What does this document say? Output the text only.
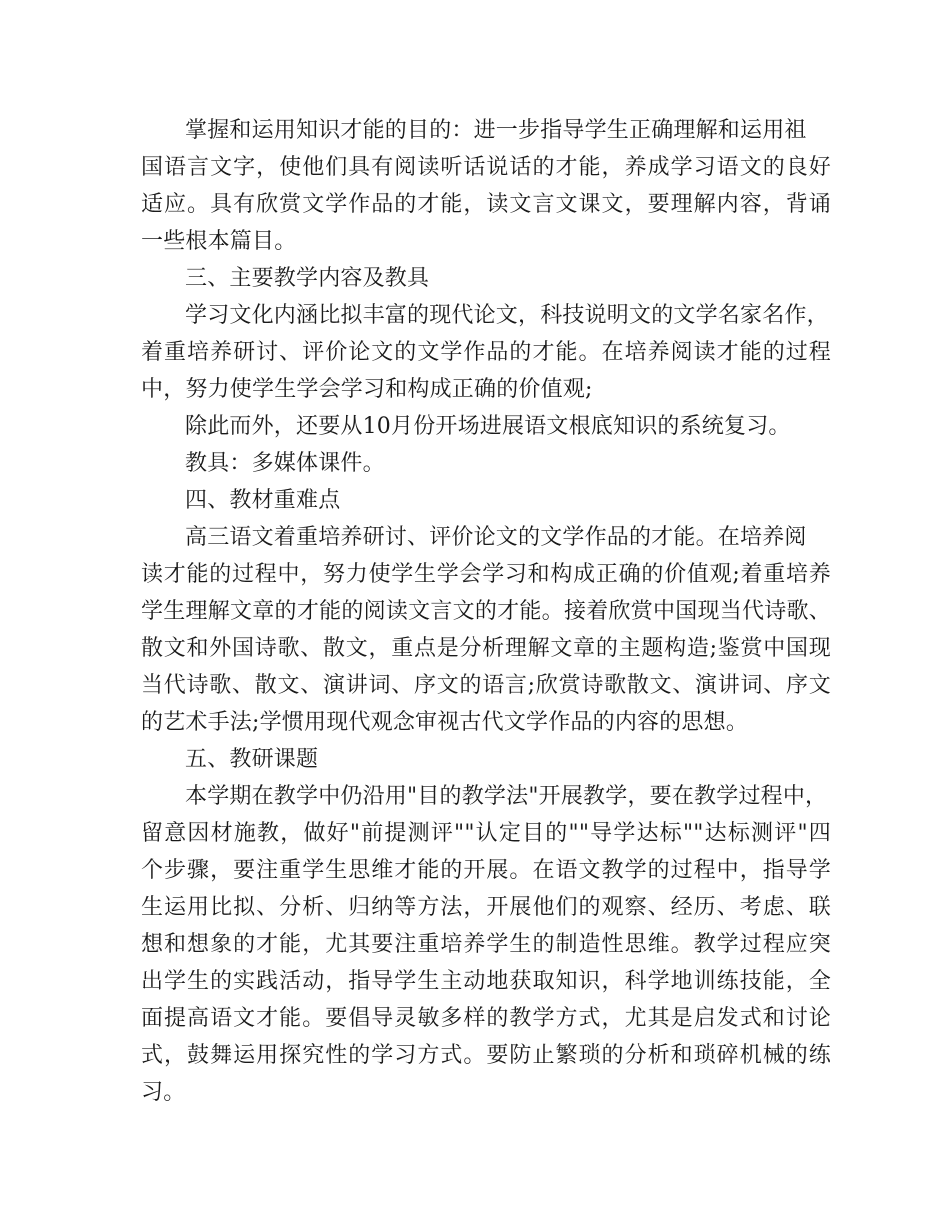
掌握和运用知识才能的目的：进一步指导学生正确理解和运用祖
国语言文字，使他们具有阅读听话说话的才能，养成学习语文的良好
适应。具有欣赏文学作品的才能，读文言文课文，要理解内容，背诵
一些根本篇目。
三、主要教学内容及教具
学习文化内涵比拟丰富的现代论文，科技说明文的文学名家名作，
着重培养研讨、评价论文的文学作品的才能。在培养阅读才能的过程
中，努力使学生学会学习和构成正确的价值观;
除此而外，还要从10月份开场进展语文根底知识的系统复习。
教具：多媒体课件。
四、教材重难点
高三语文着重培养研讨、评价论文的文学作品的才能。在培养阅
读才能的过程中，努力使学生学会学习和构成正确的价值观;着重培养
学生理解文章的才能的阅读文言文的才能。接着欣赏中国现当代诗歌、
散文和外国诗歌、散文，重点是分析理解文章的主题构造;鉴赏中国现
当代诗歌、散文、演讲词、序文的语言;欣赏诗歌散文、演讲词、序文
的艺术手法;学惯用现代观念审视古代文学作品的内容的思想。
五、教研课题
本学期在教学中仍沿用"目的教学法"开展教学，要在教学过程中，
留意因材施教，做好"前提测评""认定目的""导学达标""达标测评"四
个步骤，要注重学生思维才能的开展。在语文教学的过程中，指导学
生运用比拟、分析、归纳等方法，开展他们的观察、经历、考虑、联
想和想象的才能，尤其要注重培养学生的制造性思维。教学过程应突
出学生的实践活动，指导学生主动地获取知识，科学地训练技能，全
面提高语文才能。要倡导灵敏多样的教学方式，尤其是启发式和讨论
式，鼓舞运用探究性的学习方式。要防止繁琐的分析和琐碎机械的练
习。
